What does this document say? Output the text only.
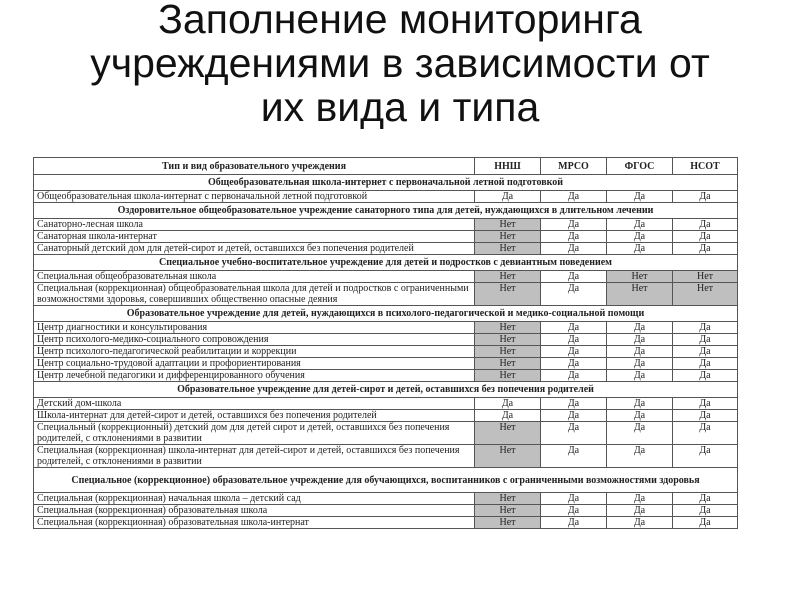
Заполнение мониторинга
учреждениями в зависимости от
их вида и типа
Тип и вид образовательного учреждения	ННШ	МРСО	ФГОС	НСОТ
Общеобразовательная школа-интернет с первоначальной летной подготовкой				
Общеобразовательная школа-интернат с первоначальной летной подготовкой	Да	Да	Да	Да
Оздоровительное общеобразовательное учреждение санаторного типа для детей, нуждающихся в длительном лечении				
Санаторно-лесная школа	Нет	Да	Да	Да
Санаторная школа-интернат	Нет	Да	Да	Да
Санаторный детский дом для детей-сирот и детей, оставшихся без попечения родителей	Нет	Да	Да	Да
Специальное учебно-воспитательное учреждение для детей и подростков с девиантным поведением				
Специальная общеобразовательная школа	Нет	Да	Нет	Нет
Специальная (коррекционная) общеобразовательная школа для детей и подростков с ограниченными возможностями здоровья, совершивших общественно опасные деяния	Нет	Да	Нет	Нет
Образовательное учреждение для детей, нуждающихся в психолого-педагогической и медико-социальной помощи				
Центр диагностики и консультирования	Нет	Да	Да	Да
Центр психолого-медико-социального сопровождения	Нет	Да	Да	Да
Центр психолого-педагогической реабилитации и коррекции	Нет	Да	Да	Да
Центр социально-трудовой адаптации и профориентирования	Нет	Да	Да	Да
Центр лечебной педагогики и дифференцированного обучения	Нет	Да	Да	Да
Образовательное учреждение для детей-сирот и детей, оставшихся без попечения родителей				
Детский дом-школа	Да	Да	Да	Да
Школа-интернат для детей-сирот и детей, оставшихся без попечения родителей	Да	Да	Да	Да
Специальный (коррекционный) детский дом для детей сирот и детей, оставшихся без попечения родителей, с отклонениями в развитии	Нет	Да	Да	Да
Специальная (коррекционная) школа-интернат для детей-сирот и детей, оставшихся без попечения родителей, с отклонениями в развитии	Нет	Да	Да	Да
Специальное (коррекционное) образовательное учреждение для обучающихся, воспитанников с ограниченными возможностями здоровья				
Специальная (коррекционная) начальная школа – детский сад	Нет	Да	Да	Да
Специальная (коррекционная) образовательная школа	Нет	Да	Да	Да
Специальная (коррекционная) образовательная школа-интернат	Нет	Да	Да	Да
